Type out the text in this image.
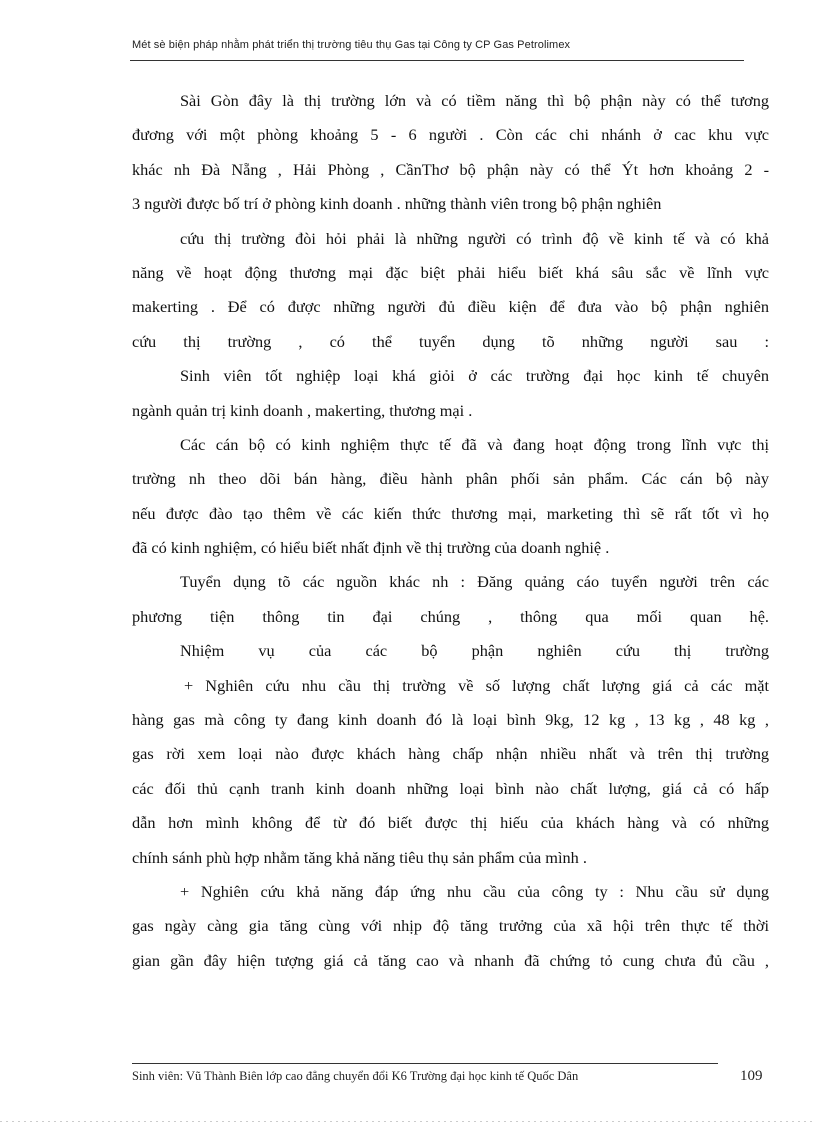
Mét sè biện pháp nhằm phát triển thị trường tiêu thụ Gas tại Công ty CP Gas Petrolimex
Sài Gòn đây là thị trường lớn và có tiềm năng thì bộ phận này có thể tương
đương với một phòng khoảng 5 - 6 người . Còn các chi nhánh ở cac khu vực
khác nh Đà Nẵng , Hải Phòng , CầnThơ bộ phận này có thể Ýt hơn khoảng 2 -
3 người được bố trí ở phòng kinh doanh . những thành viên trong bộ phận nghiên
cứu thị trường đòi hỏi phải là những người có trình độ về kinh tế và có khả
năng về hoạt động thương mại đặc biệt phải hiểu biết khá sâu sắc về lĩnh vực
makerting . Để có được những người đủ điều kiện để đưa vào bộ phận nghiên
cứu thị trường , có thể tuyển dụng tõ những người sau :
Sinh viên tốt nghiệp loại khá giỏi ở các trường đại học kinh tế chuyên
ngành quản trị kinh doanh , makerting, thương mại .
Các cán bộ có kinh nghiệm thực tế đã và đang hoạt động trong lĩnh vực thị
trường nh theo dõi bán hàng, điều hành phân phối sản phẩm. Các cán bộ này
nếu được đào tạo thêm về các kiến thức thương mại, marketing thì sẽ rất tốt vì họ
đã có kinh nghiệm, có hiểu biết nhất định về thị trường của doanh nghiệ .
Tuyển dụng tõ các nguồn khác nh : Đăng quảng cáo tuyển người trên các
phương tiện thông tin đại chúng , thông qua mối quan hệ.
Nhiệm vụ của các bộ phận nghiên cứu thị trường
+ Nghiên cứu nhu cầu thị trường về số lượng chất lượng giá cả các mặt
hàng gas mà công ty đang kinh doanh đó là loại bình 9kg, 12 kg , 13 kg , 48 kg ,
gas rời xem loại nào được khách hàng chấp nhận nhiều nhất và trên thị trường
các đối thủ cạnh tranh kinh doanh những loại bình nào chất lượng, giá cả có hấp
dẫn hơn mình không để từ đó biết được thị hiếu của khách hàng và có những
chính sánh phù hợp nhằm tăng khả năng tiêu thụ sản phẩm của mình .
+ Nghiên cứu khả năng đáp ứng nhu cầu của công ty : Nhu cầu sử dụng
gas ngày càng gia tăng cùng với nhịp độ tăng trưởng của xã hội trên thực tế thời
gian gần đây hiện tượng giá cả tăng cao và nhanh đã chứng tỏ cung chưa đủ cầu ,
Sinh viên: Vũ Thành Biên lớp cao đẳng chuyển đổi K6 Trường đại học kinh tế Quốc Dân	109
